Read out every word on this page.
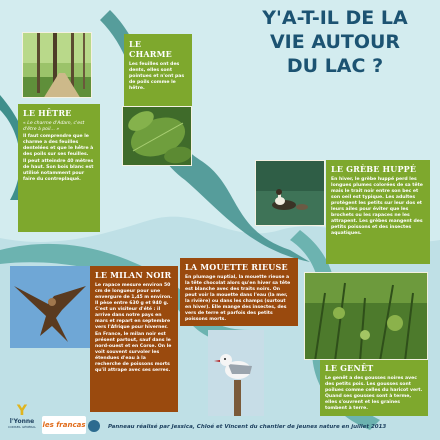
Y'A-T-IL DE LA
VIE AUTOUR
DU LAC ?
LE HÊTRE

« Le charme d'Adam, c'est d'être à poil... »

Il faut comprendre que le charme a des feuilles dentelées et que le hêtre à des poils sur ses feuilles.

Il peut atteindre 40 mètres de haut. Son bois blanc est utilisé notamment pour faire du contreplaqué.

LE CHARME
Les feuilles ont des dents, elles sont pointues et n'ont pas de poils comme le hêtre.
LE GRÈBE HUPPÉ
En hiver, le grèbe huppé perd les longues plumes colorées de sa tête mais le trait noir entre son bec et son oeil est typique. Les adultes protègent les petits sur leur dos et leurs ailes pour éviter que les brochets ou les rapaces ne les attrapent. Les grèbes mangent des petits poissons et des insectes aquatiques.
LE MILAN NOIR

Le rapace mesure environ 50 cm de longueur pour une envergure de 1,45 m environ. Il pèse entre 630 g et 940 g. C'est un visiteur d'été : il arrive dans notre pays en mars et repart en septembre vers l'Afrique pour hiverner.

En France, le milan noir est présent partout, sauf dans le nord-ouest et en Corse. On le voit souvent survoler les étendues d'eau à la recherche de poissons morts qu'il attrape avec ses serres.

LA MOUETTE RIEUSE
En plumage nuptial, la mouette rieuse a la tête chocolat alors qu'en hiver sa tête est blanche avec des traits noirs. On peut voir la mouette dans l'eau (la mer, la rivière) ou dans les champs (surtout en hiver). Elle mange des insectes, des vers de terre et parfois des petits poissons morts.
LE GENÊT
Le genêt a des gousses noires avec des petits pois. Les gousses sont poilues comme celles du haricot vert. Quand ses gousses sont à terme, elles s'ouvrent et les graines tombent à terre.
Y
l'Yonne
CONSEIL GÉNÉRAL les francas	Panneau réalisé par Jessica, Chloé et Vincent du chantier de jeunes nature en juillet 2013
